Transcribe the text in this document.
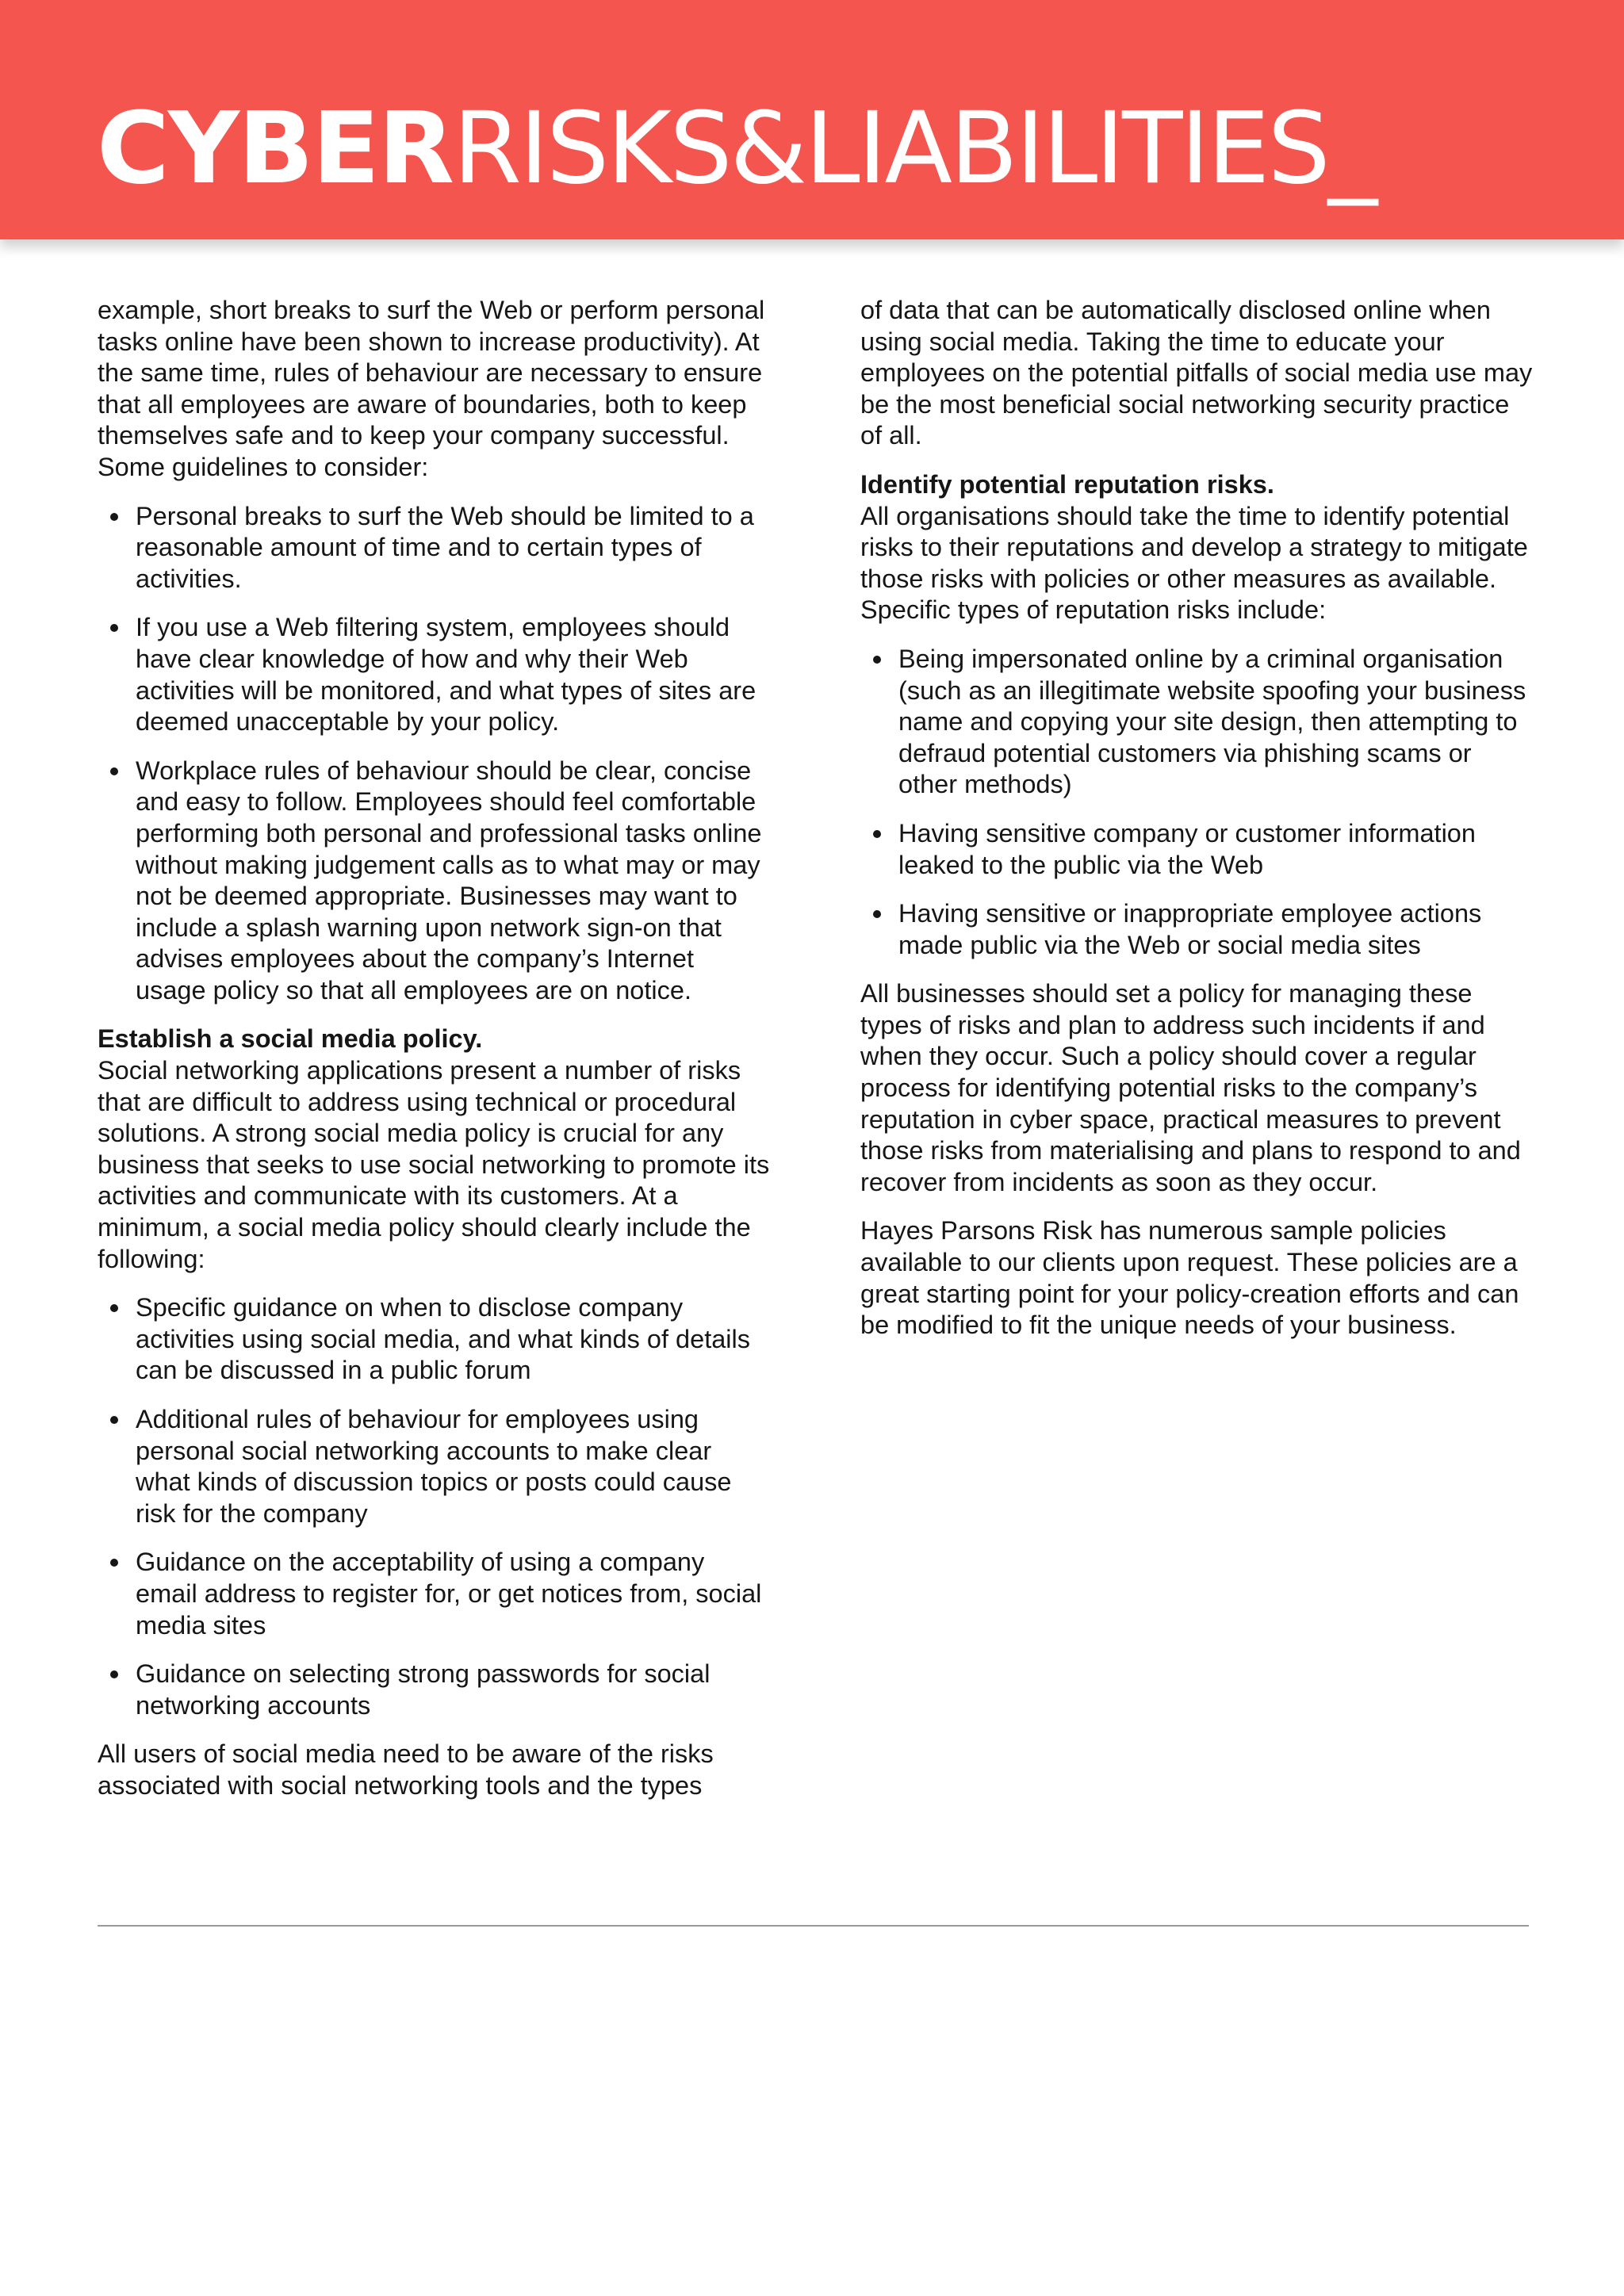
CYBERRISKS&LIABILITIES_

example, short breaks to surf the Web or perform personal tasks online have been shown to increase productivity). At the same time, rules of behaviour are necessary to ensure that all employees are aware of boundaries, both to keep themselves safe and to keep your company successful. Some guidelines to consider:

Personal breaks to surf the Web should be limited to a reasonable amount of time and to certain types of activities.
If you use a Web filtering system, employees should have clear knowledge of how and why their Web activities will be monitored, and what types of sites are deemed unacceptable by your policy.
Workplace rules of behaviour should be clear, concise and easy to follow. Employees should feel comfortable performing both personal and professional tasks online without making judgement calls as to what may or may not be deemed appropriate. Businesses may want to include a splash warning upon network sign-on that advises employees about the company’s Internet usage policy so that all employees are on notice.
Establish a social media policy.

Social networking applications present a number of risks that are difficult to address using technical or procedural solutions. A strong social media policy is crucial for any business that seeks to use social networking to promote its activities and communicate with its customers. At a minimum, a social media policy should clearly include the following:

Specific guidance on when to disclose company activities using social media, and what kinds of details can be discussed in a public forum
Additional rules of behaviour for employees using personal social networking accounts to make clear what kinds of discussion topics or posts could cause risk for the company
Guidance on the acceptability of using a company email address to register for, or get notices from, social media sites
Guidance on selecting strong passwords for social networking accounts

All users of social media need to be aware of the risks associated with social networking tools and the types

of data that can be automatically disclosed online when using social media. Taking the time to educate your employees on the potential pitfalls of social media use may be the most beneficial social networking security practice of all.

Identify potential reputation risks.

All organisations should take the time to identify potential risks to their reputations and develop a strategy to mitigate those risks with policies or other measures as available. Specific types of reputation risks include:

Being impersonated online by a criminal organisation (such as an illegitimate website spoofing your business name and copying your site design, then attempting to defraud potential customers via phishing scams or other methods)
Having sensitive company or customer information leaked to the public via the Web
Having sensitive or inappropriate employee actions made public via the Web or social media sites

All businesses should set a policy for managing these types of risks and plan to address such incidents if and when they occur. Such a policy should cover a regular process for identifying potential risks to the company’s reputation in cyber space, practical measures to prevent those risks from materialising and plans to respond to and recover from incidents as soon as they occur.

Hayes Parsons Risk has numerous sample policies available to our clients upon request. These policies are a great starting point for your policy-creation efforts and can be modified to fit the unique needs of your business.
